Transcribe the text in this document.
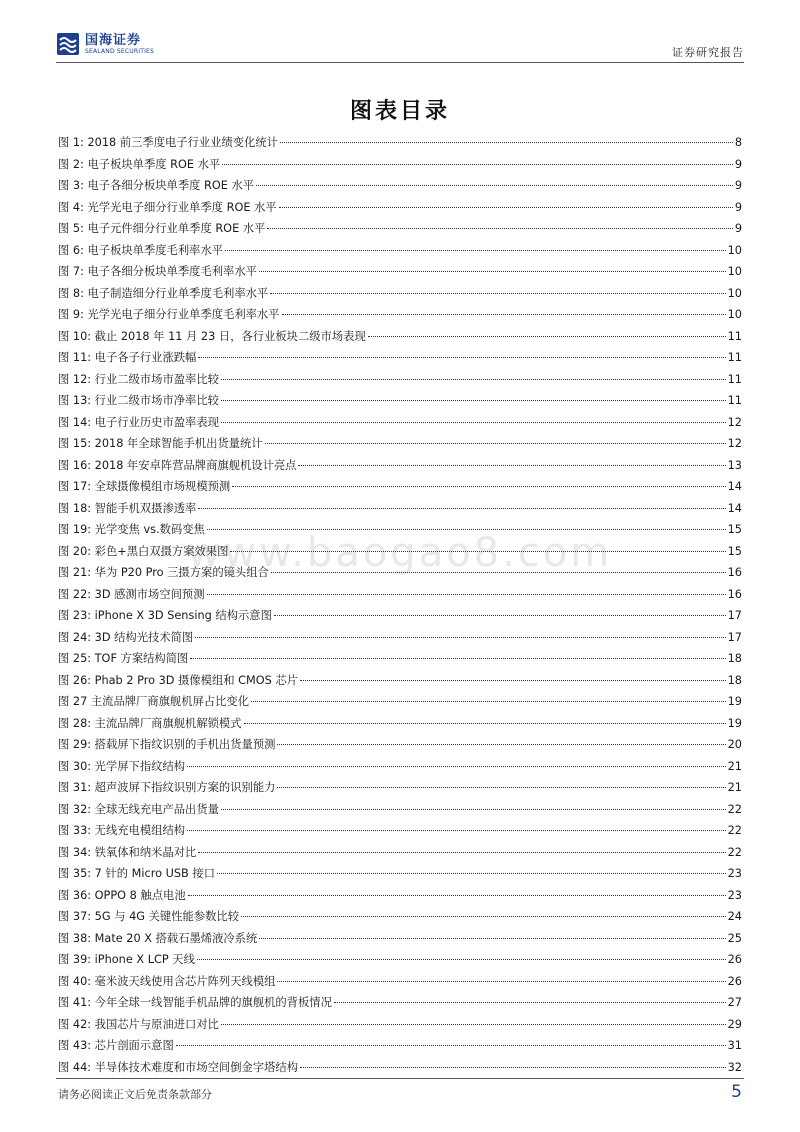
国海证券
SEALAND SECURITIES	证券研究报告
图表目录
www.baogao8.com
图 1: 2018 前三季度电子行业业绩变化统计	8
图 2: 电子板块单季度 ROE 水平	9
图 3: 电子各细分板块单季度 ROE 水平	9
图 4: 光学光电子细分行业单季度 ROE 水平	9
图 5: 电子元件细分行业单季度 ROE 水平	9
图 6: 电子板块单季度毛利率水平	10
图 7: 电子各细分板块单季度毛利率水平	10
图 8: 电子制造细分行业单季度毛利率水平	10
图 9: 光学光电子细分行业单季度毛利率水平	10
图 10: 截止 2018 年 11 月 23 日，各行业板块二级市场表现	11
图 11: 电子各子行业涨跌幅	11
图 12: 行业二级市场市盈率比较	11
图 13: 行业二级市场市净率比较	11
图 14: 电子行业历史市盈率表现	12
图 15: 2018 年全球智能手机出货量统计	12
图 16: 2018 年安卓阵营品牌商旗舰机设计亮点	13
图 17: 全球摄像模组市场规模预测	14
图 18: 智能手机双摄渗透率	14
图 19: 光学变焦 vs.数码变焦	15
图 20: 彩色+黑白双摄方案效果图	15
图 21: 华为 P20 Pro 三摄方案的镜头组合	16
图 22: 3D 感测市场空间预测	16
图 23: iPhone X 3D Sensing 结构示意图	17
图 24: 3D 结构光技术简图	17
图 25: TOF 方案结构简图	18
图 26: Phab 2 Pro 3D 摄像模组和 CMOS 芯片	18
图 27 主流品牌厂商旗舰机屏占比变化	19
图 28: 主流品牌厂商旗舰机解锁模式	19
图 29: 搭载屏下指纹识别的手机出货量预测	20
图 30: 光学屏下指纹结构	21
图 31: 超声波屏下指纹识别方案的识别能力	21
图 32: 全球无线充电产品出货量	22
图 33: 无线充电模组结构	22
图 34: 铁氧体和纳米晶对比	22
图 35: 7 针的 Micro USB 接口	23
图 36: OPPO 8 触点电池	23
图 37: 5G 与 4G 关键性能参数比较	24
图 38: Mate 20 X 搭载石墨烯液冷系统	25
图 39: iPhone X LCP 天线	26
图 40: 毫米波天线使用含芯片阵列天线模组	26
图 41: 今年全球一线智能手机品牌的旗舰机的背板情况	27
图 42: 我国芯片与原油进口对比	29
图 43: 芯片剖面示意图	31
图 44: 半导体技术难度和市场空间倒金字塔结构	32
请务必阅读正文后免责条款部分	5
